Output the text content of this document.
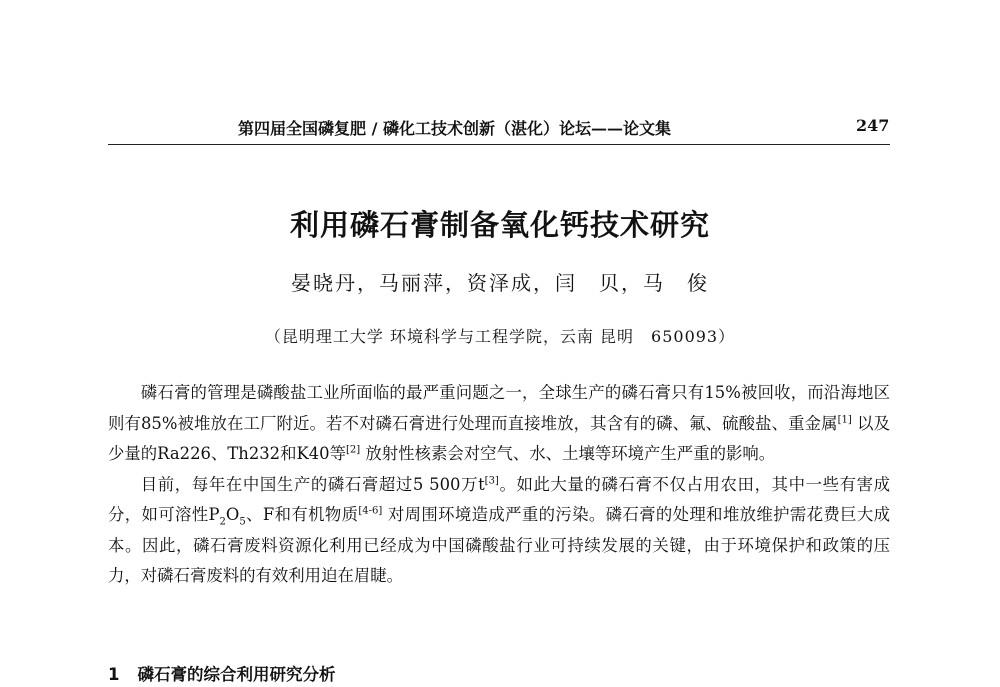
第四届全国磷复肥 / 磷化工技术创新（湛化）论坛——论文集	247
利用磷石膏制备氧化钙技术研究
晏晓丹，马丽萍，资泽成，闫　贝，马　俊
（昆明理工大学 环境科学与工程学院，云南 昆明　650093）

磷石膏的管理是磷酸盐工业所面临的最严重问题之一，全球生产的磷石膏只有15%被回收，而沿海地区则有85%被堆放在工厂附近。若不对磷石膏进行处理而直接堆放，其含有的磷、氟、硫酸盐、重金属[1] 以及少量的Ra226、Th232和K40等[2] 放射性核素会对空气、水、土壤等环境产生严重的影响。

目前，每年在中国生产的磷石膏超过5 500万t[3]。如此大量的磷石膏不仅占用农田，其中一些有害成分，如可溶性$P_2O_5$、F和有机物质[4-6] 对周围环境造成严重的污染。磷石膏的处理和堆放维护需花费巨大成本。因此，磷石膏废料资源化利用已经成为中国磷酸盐行业可持续发展的关键，由于环境保护和政策的压力，对磷石膏废料的有效利用迫在眉睫。

1 磷石膏的综合利用研究分析
